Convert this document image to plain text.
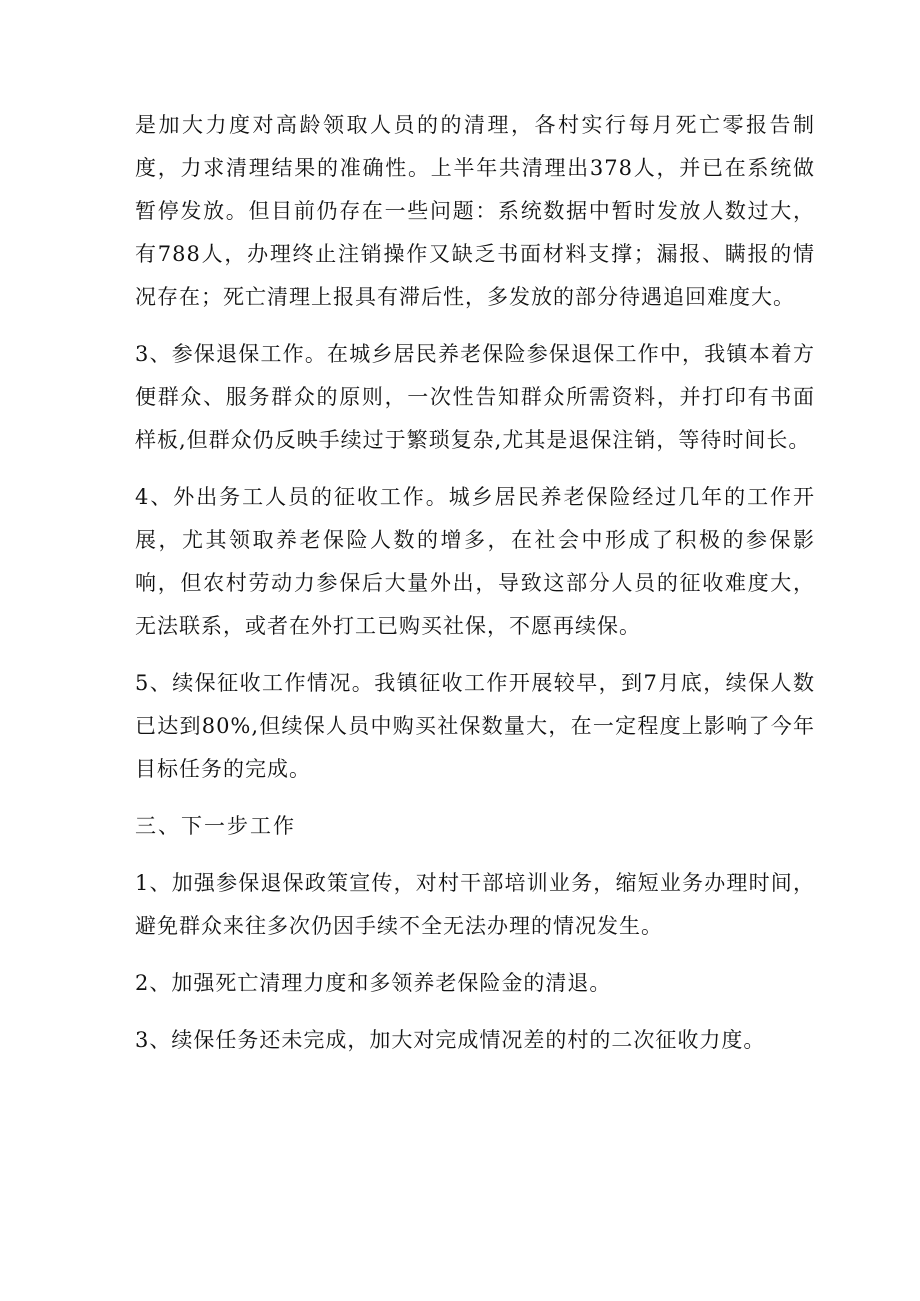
是加大力度对高龄领取人员的的清理，各村实行每月死亡零报告制度，力求清理结果的准确性。上半年共清理出378人，并已在系统做暂停发放。但目前仍存在一些问题：系统数据中暂时发放人数过大，有788人，办理终止注销操作又缺乏书面材料支撑；漏报、瞒报的情况存在；死亡清理上报具有滞后性，多发放的部分待遇追回难度大。

3、参保退保工作。在城乡居民养老保险参保退保工作中，我镇本着方便群众、服务群众的原则，一次性告知群众所需资料，并打印有书面样板,但群众仍反映手续过于繁琐复杂,尤其是退保注销，等待时间长。

4、外出务工人员的征收工作。城乡居民养老保险经过几年的工作开展，尤其领取养老保险人数的增多，在社会中形成了积极的参保影响，但农村劳动力参保后大量外出，导致这部分人员的征收难度大，无法联系，或者在外打工已购买社保，不愿再续保。

5、续保征收工作情况。我镇征收工作开展较早，到7月底，续保人数已达到80%,但续保人员中购买社保数量大，在一定程度上影响了今年目标任务的完成。

三、下一步工作

1、加强参保退保政策宣传，对村干部培训业务，缩短业务办理时间，避免群众来往多次仍因手续不全无法办理的情况发生。

2、加强死亡清理力度和多领养老保险金的清退。

3、续保任务还未完成，加大对完成情况差的村的二次征收力度。
